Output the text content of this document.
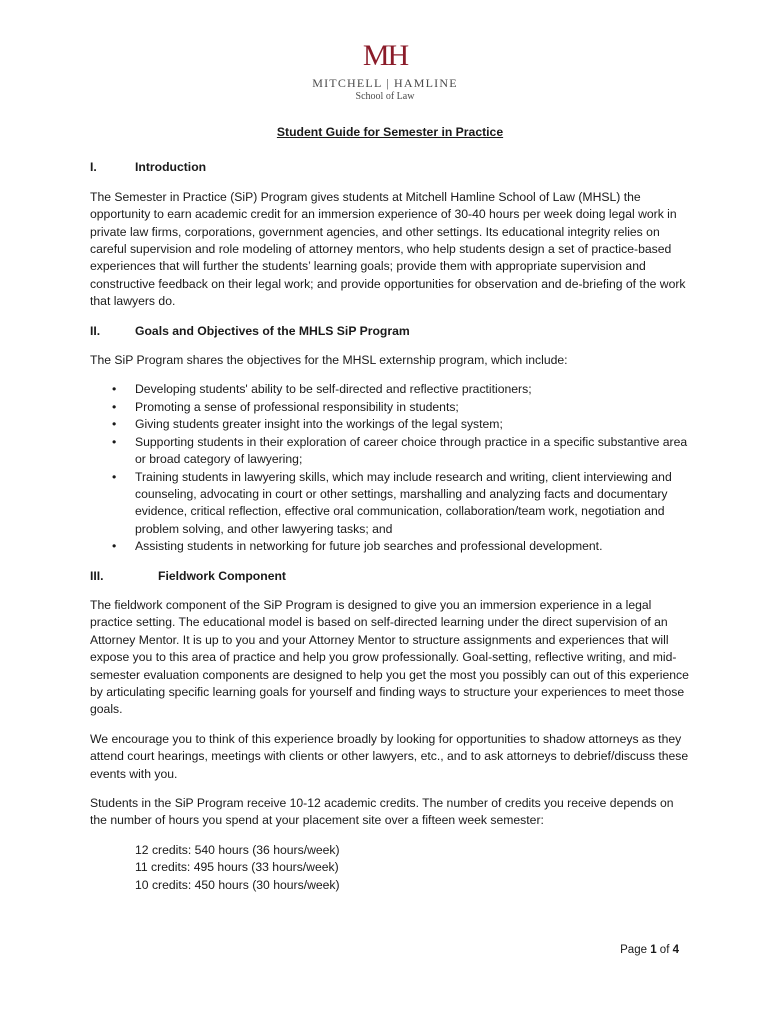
MH
MITCHELL | HAMLINE
School of Law
Student Guide for Semester in Practice
I.	Introduction

The Semester in Practice (SiP) Program gives students at Mitchell Hamline School of Law (MHSL) the opportunity to earn academic credit for an immersion experience of 30-40 hours per week doing legal work in private law firms, corporations, government agencies, and other settings. Its educational integrity relies on careful supervision and role modeling of attorney mentors, who help students design a set of practice-based experiences that will further the students’ learning goals; provide them with appropriate supervision and constructive feedback on their legal work; and provide opportunities for observation and de-briefing of the work that lawyers do.

II.	Goals and Objectives of the MHLS SiP Program

The SiP Program shares the objectives for the MHSL externship program, which include:

• Developing students' ability to be self-directed and reflective practitioners;
• Promoting a sense of professional responsibility in students;
• Giving students greater insight into the workings of the legal system;
• Supporting students in their exploration of career choice through practice in a specific substantive area or broad category of lawyering;
• Training students in lawyering skills, which may include research and writing, client interviewing and counseling, advocating in court or other settings, marshalling and analyzing facts and documentary evidence, critical reflection, effective oral communication, collaboration/team work, negotiation and problem solving, and other lawyering tasks; and
• Assisting students in networking for future job searches and professional development.
III.	Fieldwork Component

The fieldwork component of the SiP Program is designed to give you an immersion experience in a legal practice setting. The educational model is based on self-directed learning under the direct supervision of an Attorney Mentor. It is up to you and your Attorney Mentor to structure assignments and experiences that will expose you to this area of practice and help you grow professionally. Goal-setting, reflective writing, and mid-semester evaluation components are designed to help you get the most you possibly can out of this experience by articulating specific learning goals for yourself and finding ways to structure your experiences to meet those goals.

We encourage you to think of this experience broadly by looking for opportunities to shadow attorneys as they attend court hearings, meetings with clients or other lawyers, etc., and to ask attorneys to debrief/discuss these events with you.

Students in the SiP Program receive 10-12 academic credits. The number of credits you receive depends on the number of hours you spend at your placement site over a fifteen week semester:

12 credits: 540 hours (36 hours/week)
11 credits: 495 hours (33 hours/week)
10 credits: 450 hours (30 hours/week)
Page 1 of 4
